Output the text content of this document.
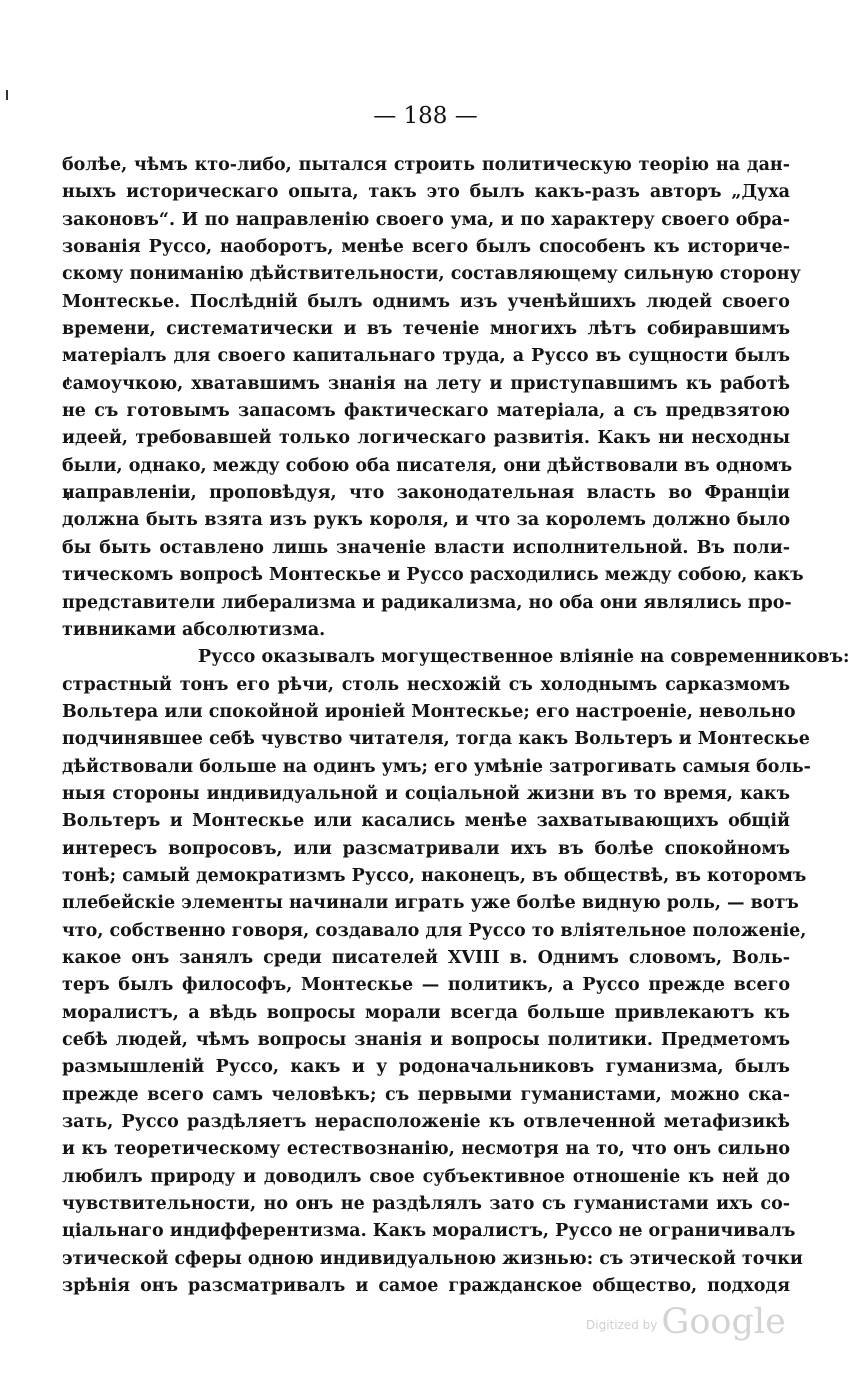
— 188 —
болѣе, чѣмъ кто-либо, пытался строить политическую теорію на дан-
ныхъ историческаго опыта, такъ это былъ какъ-разъ авторъ „Духа
законовъ“. И по направленію своего ума, и по характеру своего обра-
зованія Руссо, наоборотъ, менѣе всего былъ способенъ къ историче-
скому пониманію дѣйствительности, составляющему сильную сторону
Монтескье. Послѣдній былъ однимъ изъ ученѣйшихъ людей своего
времени, систематически и въ теченіе многихъ лѣтъ собиравшимъ
матеріалъ для своего капитальнаго труда, а Руссо въ сущности былъ
самоучкою, хватавшимъ знанія на лету и приступавшимъ къ работѣ
не съ готовымъ запасомъ фактическаго матеріала, а съ предвзятою
идеей, требовавшей только логическаго развитія. Какъ ни несходны
были, однако, между собою оба писателя, они дѣйствовали въ одномъ
направленіи, проповѣдуя, что законодательная власть во Франціи
должна быть взята изъ рукъ короля, и что за королемъ должно было
бы быть оставлено лишь значеніе власти исполнительной. Въ поли-
тическомъ вопросѣ Монтескье и Руссо расходились между собою, какъ
представители либерализма и радикализма, но оба они являлись про-
тивниками абсолютизма.
Руссо оказывалъ могущественное вліяніе на современниковъ:
страстный тонъ его рѣчи, столь несхожій съ холоднымъ сарказмомъ
Вольтера или спокойной ироніей Монтескье; его настроеніе, невольно
подчинявшее себѣ чувство читателя, тогда какъ Вольтеръ и Монтескье
дѣйствовали больше на одинъ умъ; его умѣніе затрогивать самыя боль-
ныя стороны индивидуальной и соціальной жизни въ то время, какъ
Вольтеръ и Монтескье или касались менѣе захватывающихъ общій
интересъ вопросовъ, или разсматривали ихъ въ болѣе спокойномъ
тонѣ; самый демократизмъ Руссо, наконецъ, въ обществѣ, въ которомъ
плебейскіе элементы начинали играть уже болѣе видную роль, — вотъ
что, собственно говоря, создавало для Руссо то вліятельное положеніе,
какое онъ занялъ среди писателей XVIII в. Однимъ словомъ, Воль-
теръ былъ философъ, Монтескье — политикъ, а Руссо прежде всего
моралистъ, а вѣдь вопросы морали всегда больше привлекаютъ къ
себѣ людей, чѣмъ вопросы знанія и вопросы политики. Предметомъ
размышленій Руссо, какъ и у родоначальниковъ гуманизма, былъ
прежде всего самъ человѣкъ; съ первыми гуманистами, можно ска-
зать, Руссо раздѣляетъ нерасположеніе къ отвлеченной метафизикѣ
и къ теоретическому естествознанію, несмотря на то, что онъ сильно
любилъ природу и доводилъ свое субъективное отношеніе къ ней до
чувствительности, но онъ не раздѣлялъ зато съ гуманистами ихъ со-
ціальнаго индифферентизма. Какъ моралистъ, Руссо не ограничивалъ
этической сферы одною индивидуальною жизнью: съ этической точки
зрѣнія онъ разсматривалъ и самое гражданское общество, подходя
Digitized by Google
